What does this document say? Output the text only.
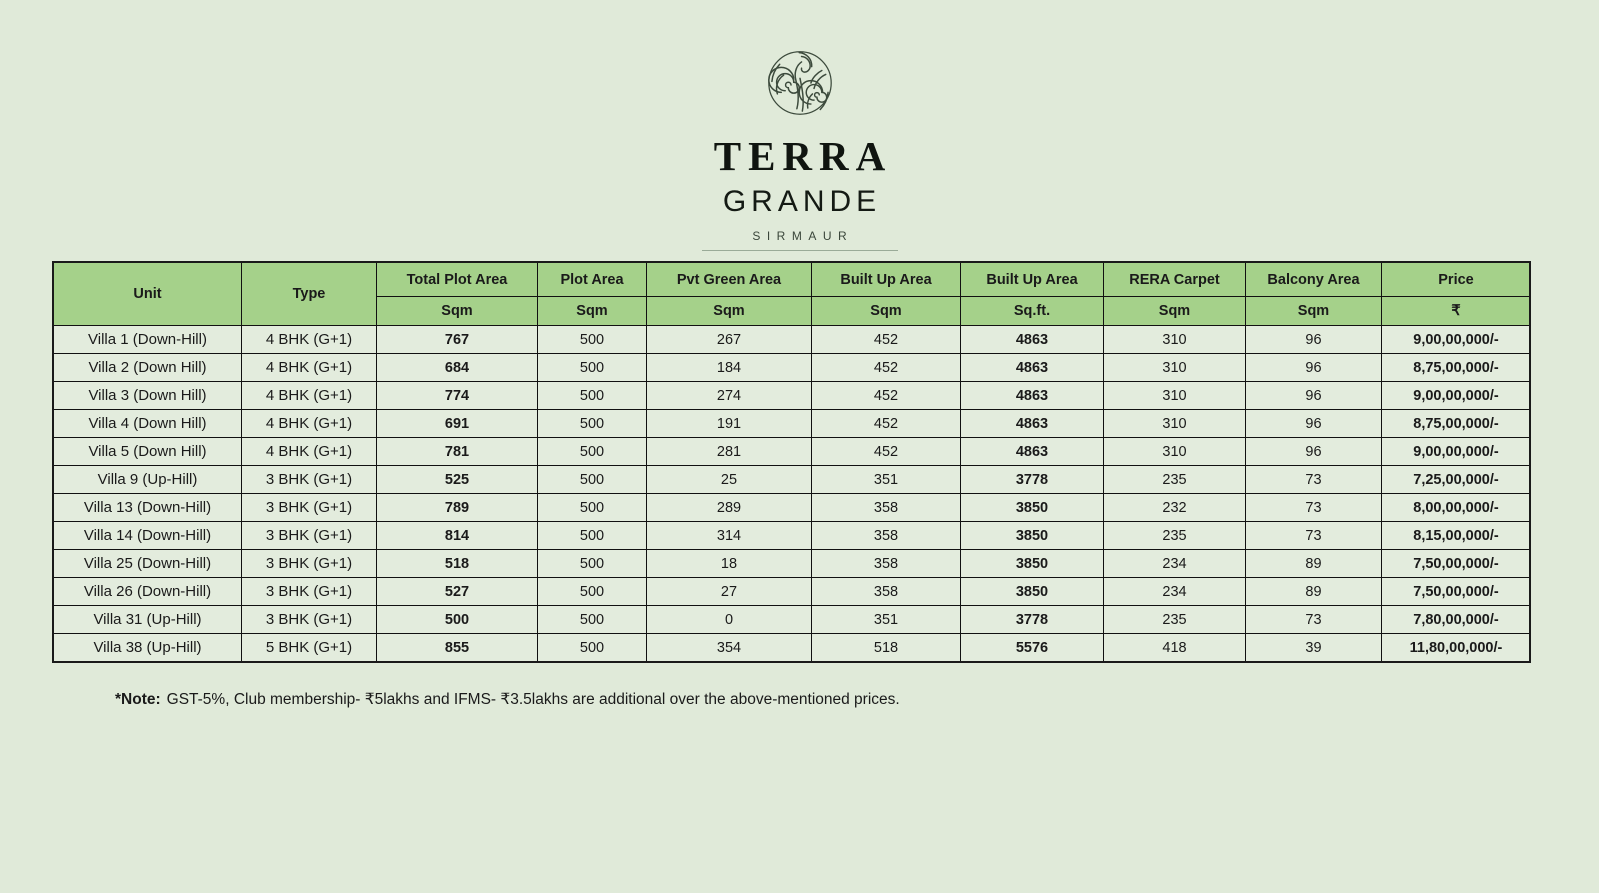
TERRA
GRANDE
SIRMAUR
Unit	Type	Total Plot Area	Plot Area	Pvt Green Area	Built Up Area	Built Up Area	RERA Carpet	Balcony Area	Price
		Sqm	Sqm	Sqm	Sqm	Sq.ft.	Sqm	Sqm	₹
Villa 1 (Down-Hill)	4 BHK (G+1)	767	500	267	452	4863	310	96	9,00,00,000/-
Villa 2 (Down Hill)	4 BHK (G+1)	684	500	184	452	4863	310	96	8,75,00,000/-
Villa 3 (Down Hill)	4 BHK (G+1)	774	500	274	452	4863	310	96	9,00,00,000/-
Villa 4 (Down Hill)	4 BHK (G+1)	691	500	191	452	4863	310	96	8,75,00,000/-
Villa 5 (Down Hill)	4 BHK (G+1)	781	500	281	452	4863	310	96	9,00,00,000/-
Villa 9 (Up-Hill)	3 BHK (G+1)	525	500	25	351	3778	235	73	7,25,00,000/-
Villa 13 (Down-Hill)	3 BHK (G+1)	789	500	289	358	3850	232	73	8,00,00,000/-
Villa 14 (Down-Hill)	3 BHK (G+1)	814	500	314	358	3850	235	73	8,15,00,000/-
Villa 25 (Down-Hill)	3 BHK (G+1)	518	500	18	358	3850	234	89	7,50,00,000/-
Villa 26 (Down-Hill)	3 BHK (G+1)	527	500	27	358	3850	234	89	7,50,00,000/-
Villa 31 (Up-Hill)	3 BHK (G+1)	500	500	0	351	3778	235	73	7,80,00,000/-
Villa 38 (Up-Hill)	5 BHK (G+1)	855	500	354	518	5576	418	39	11,80,00,000/-
*Note: GST-5%, Club membership- ₹5lakhs and IFMS- ₹3.5lakhs are additional over the above-mentioned prices.
